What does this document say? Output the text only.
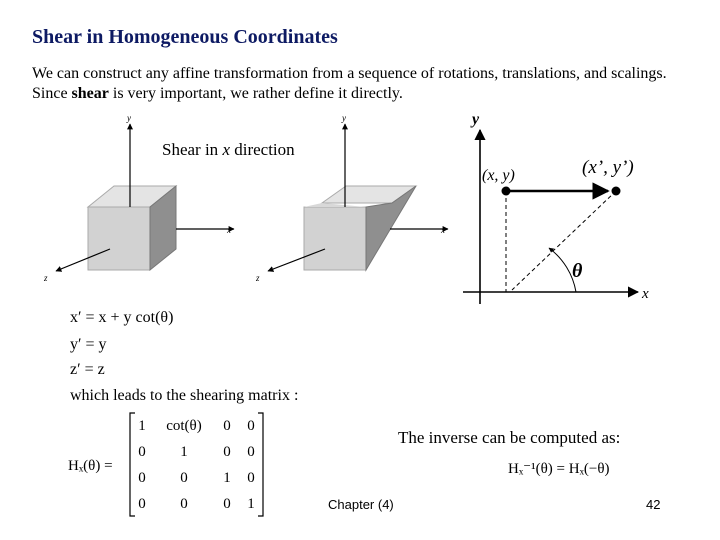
Shear in Homogeneous Coordinates
We can construct any affine transformation from a sequence of rotations, translations, and scalings. Since shear is very important, we rather define it directly.
y
x
z
y
x
z
y
x
(x, y)	(x’, y’)
θ
Hₓ(θ) =
1 cot(θ) 0 0
0 1 0 0
0 0 1 0
0 0 0 1
Hₓ⁻¹(θ) = Hₓ(−θ)
Shear in x direction
x′ = x + y cot(θ)
y′ = y
z′ = z
which leads to the shearing matrix :
The inverse can be computed as:
Chapter (4)	42
